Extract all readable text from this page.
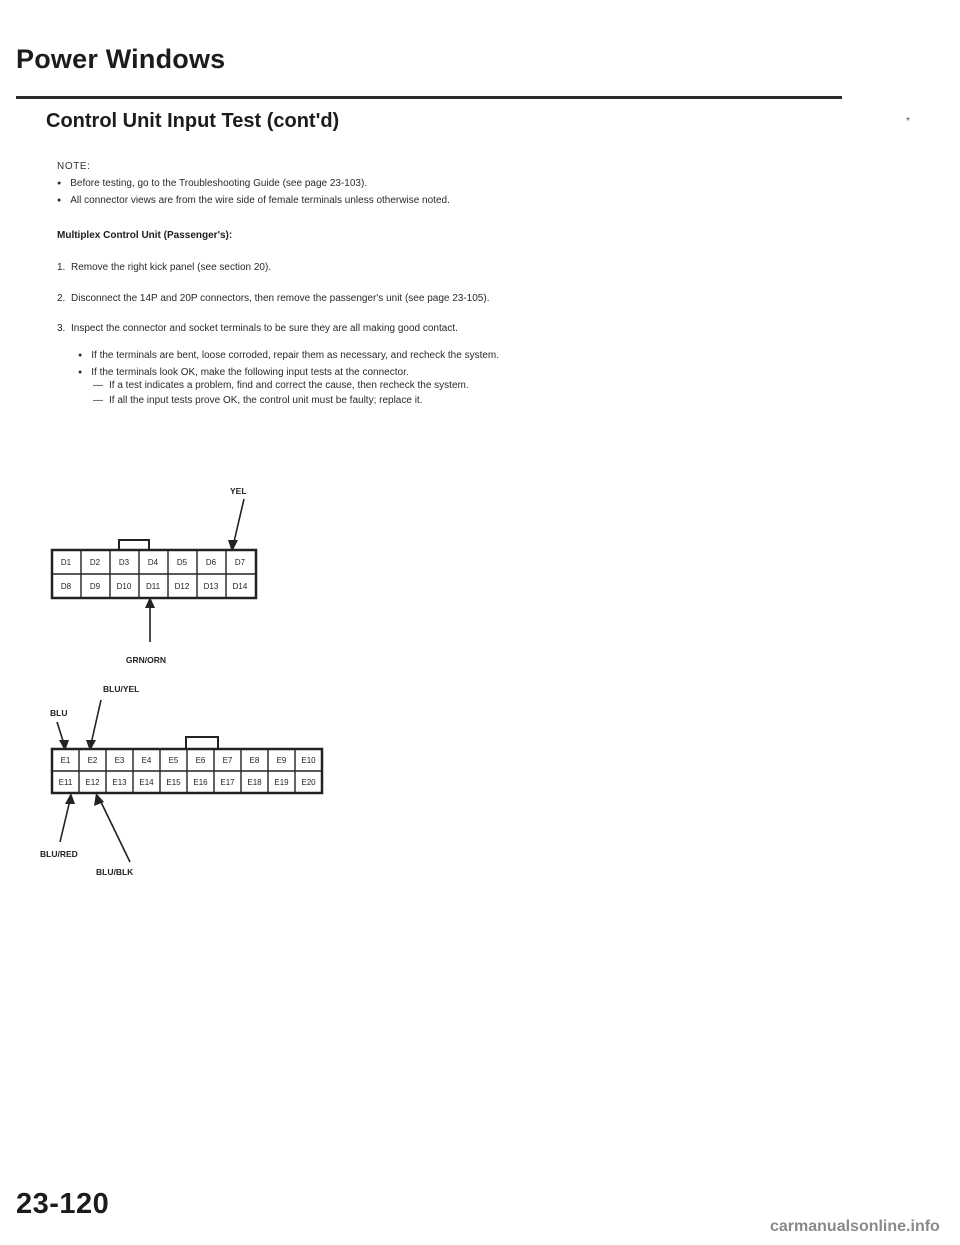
Power Windows
Control Unit Input Test (cont'd)	*
NOTE:
● Before testing, go to the Troubleshooting Guide (see page 23-103).
● All connector views are from the wire side of female terminals unless otherwise noted.
Multiplex Control Unit (Passenger's):
1. Remove the right kick panel (see section 20).
2. Disconnect the 14P and 20P connectors, then remove the passenger's unit (see page 23-105).
3. Inspect the connector and socket terminals to be sure they are all making good contact.
● If the terminals are bent, loose corroded, repair them as necessary, and recheck the system.
● If the terminals look OK, make the following input tests at the connector.
— If a test indicates a problem, find and correct the cause, then recheck the system.
— If all the input tests prove OK, the control unit must be faulty; replace it.
YEL
D1 D2 D3 D4 D5 D6 D7
D8 D9 D10 D11 D12 D13 D14
GRN/ORN
BLU/YEL
BLU
E1 E2 E3 E4 E5 E6 E7 E8 E9 E10
E11 E12 E13 E14 E15 E16 E17 E18 E19 E20
BLU/RED
BLU/BLK
23-120
carmanualsonline.info
